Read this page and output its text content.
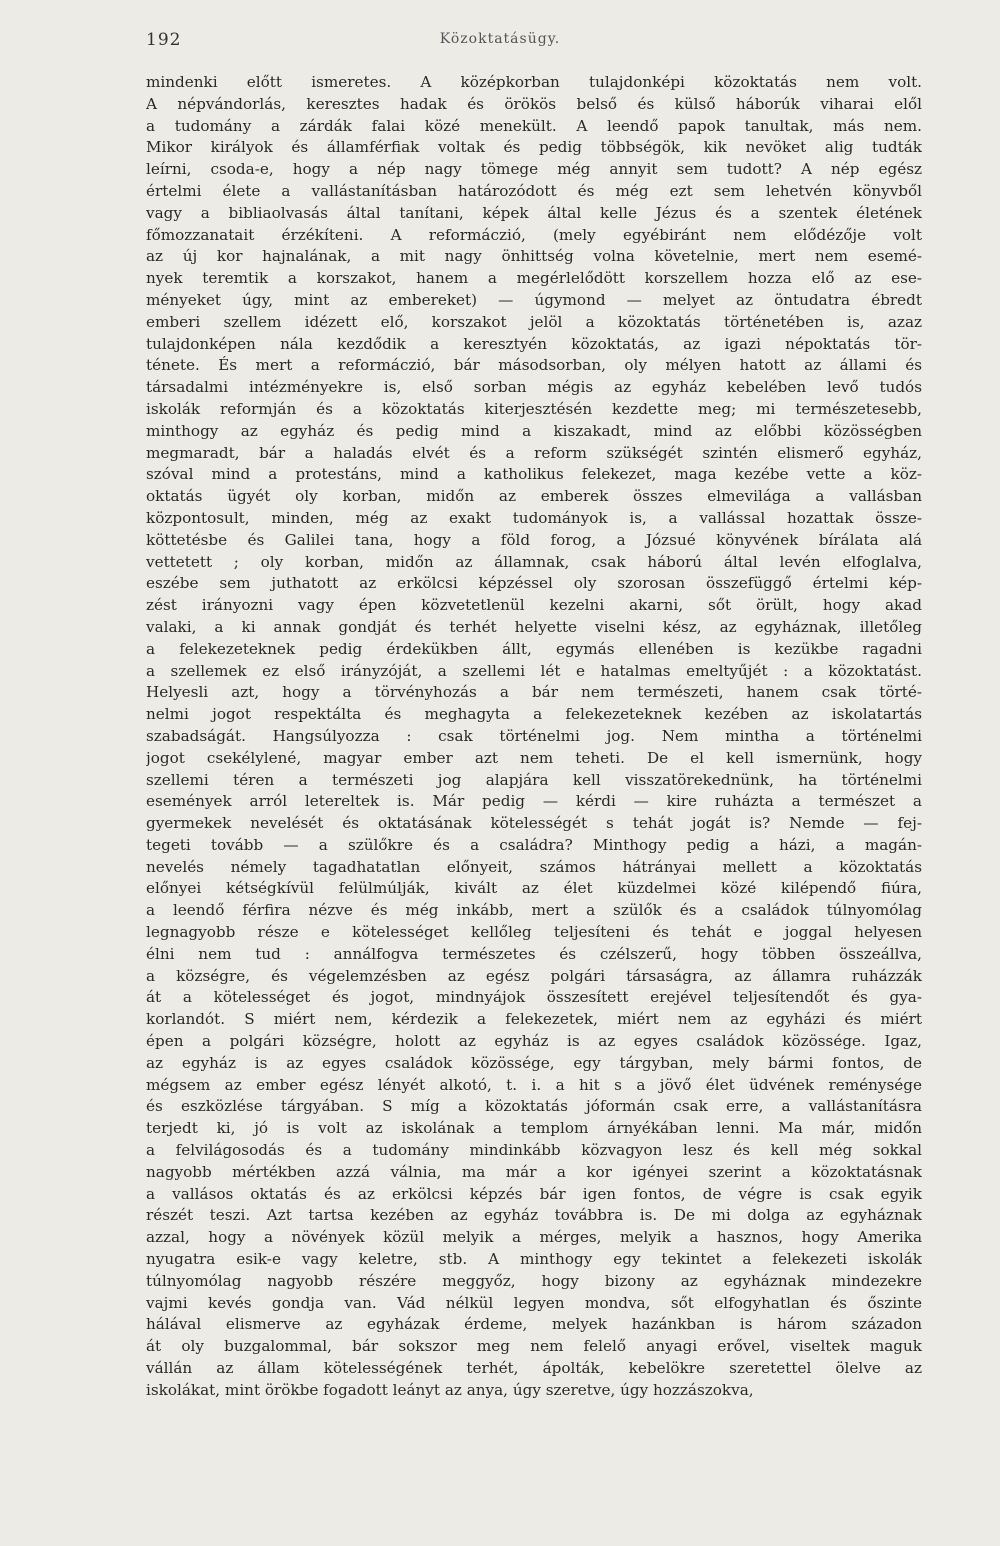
192	Közoktatásügy.
mindenki előtt ismeretes. A középkorban tulajdonképi közoktatás nem volt.
A népvándorlás, keresztes hadak és örökös belső és külső háborúk viharai elől
a tudomány a zárdák falai közé menekült. A leendő papok tanultak, más nem.
Mikor királyok és államférfiak voltak és pedig többségök, kik nevöket alig tudták
leírni, csoda-e, hogy a nép nagy tömege még annyit sem tudott? A nép egész
értelmi élete a vallástanításban határozódott és még ezt sem lehetvén könyvből
vagy a bibliaolvasás által tanítani, képek által kelle Jézus és a szentek életének
főmozzanatait érzékíteni. A reformáczió, (mely egyébiránt nem elődézője volt
az új kor hajnalának, a mit nagy önhittség volna követelnie, mert nem esemé-
nyek teremtik a korszakot, hanem a megérlelődött korszellem hozza elő az ese-
ményeket úgy, mint az embereket) — úgymond — melyet az öntudatra ébredt
emberi szellem idézett elő, korszakot jelöl a közoktatás történetében is, azaz
tulajdonképen nála kezdődik a keresztyén közoktatás, az igazi népoktatás tör-
ténete. És mert a reformáczió, bár másodsorban, oly mélyen hatott az állami és
társadalmi intézményekre is, első sorban mégis az egyház kebelében levő tudós
iskolák reformján és a közoktatás kiterjesztésén kezdette meg; mi természetesebb,
minthogy az egyház és pedig mind a kiszakadt, mind az előbbi közösségben
megmaradt, bár a haladás elvét és a reform szükségét szintén elismerő egyház,
szóval mind a protestáns, mind a katholikus felekezet, maga kezébe vette a köz-
oktatás ügyét oly korban, midőn az emberek összes elmevilága a vallásban
központosult, minden, még az exakt tudományok is, a vallással hozattak össze-
köttetésbe és Galilei tana, hogy a föld forog, a Józsué könyvének bírálata alá
vettetett ; oly korban, midőn az államnak, csak háború által levén elfoglalva,
eszébe sem juthatott az erkölcsi képzéssel oly szorosan összefüggő értelmi kép-
zést irányozni vagy épen közvetetlenül kezelni akarni, sőt örült, hogy akad
valaki, a ki annak gondját és terhét helyette viselni kész, az egyháznak, illetőleg
a felekezeteknek pedig érdekükben állt, egymás ellenében is kezükbe ragadni
a szellemek ez első irányzóját, a szellemi lét e hatalmas emeltyűjét : a közoktatást.
Helyesli azt, hogy a törvényhozás a bár nem természeti, hanem csak törté-
nelmi jogot respektálta és meghagyta a felekezeteknek kezében az iskolatartás
szabadságát. Hangsúlyozza : csak történelmi jog. Nem mintha a történelmi
jogot csekélylené, magyar ember azt nem teheti. De el kell ismernünk, hogy
szellemi téren a természeti jog alapjára kell visszatörekednünk, ha történelmi
események arról letereltek is. Már pedig — kérdi — kire ruházta a természet a
gyermekek nevelését és oktatásának kötelességét s tehát jogát is? Nemde — fej-
tegeti tovább — a szülőkre és a családra? Minthogy pedig a házi, a magán-
nevelés némely tagadhatatlan előnyeit, számos hátrányai mellett a közoktatás
előnyei kétségkívül felülmúlják, kivált az élet küzdelmei közé kilépendő fiúra,
a leendő férfira nézve és még inkább, mert a szülők és a családok túlnyomólag
legnagyobb része e kötelességet kellőleg teljesíteni és tehát e joggal helyesen
élni nem tud : annálfogva természetes és czélszerű, hogy többen összeállva,
a községre, és végelemzésben az egész polgári társaságra, az államra ruházzák
át a kötelességet és jogot, mindnyájok összesített erejével teljesítendőt és gya-
korlandót. S miért nem, kérdezik a felekezetek, miért nem az egyházi és miért
épen a polgári községre, holott az egyház is az egyes családok közössége. Igaz,
az egyház is az egyes családok közössége, egy tárgyban, mely bármi fontos, de
mégsem az ember egész lényét alkotó, t. i. a hit s a jövő élet üdvének reménysége
és eszközlése tárgyában. S míg a közoktatás jóformán csak erre, a vallástanításra
terjedt ki, jó is volt az iskolának a templom árnyékában lenni. Ma már, midőn
a felvilágosodás és a tudomány mindinkább közvagyon lesz és kell még sokkal
nagyobb mértékben azzá válnia, ma már a kor igényei szerint a közoktatásnak
a vallásos oktatás és az erkölcsi képzés bár igen fontos, de végre is csak egyik
részét teszi. Azt tartsa kezében az egyház továbbra is. De mi dolga az egyháznak
azzal, hogy a növények közül melyik a mérges, melyik a hasznos, hogy Amerika
nyugatra esik-e vagy keletre, stb. A minthogy egy tekintet a felekezeti iskolák
túlnyomólag nagyobb részére meggyőz, hogy bizony az egyháznak mindezekre
vajmi kevés gondja van. Vád nélkül legyen mondva, sőt elfogyhatlan és őszinte
hálával elismerve az egyházak érdeme, melyek hazánkban is három századon
át oly buzgalommal, bár sokszor meg nem felelő anyagi erővel, viseltek maguk
vállán az állam kötelességének terhét, ápolták, kebelökre szeretettel ölelve az
iskolákat, mint örökbe fogadott leányt az anya, úgy szeretve, úgy hozzászokva,
